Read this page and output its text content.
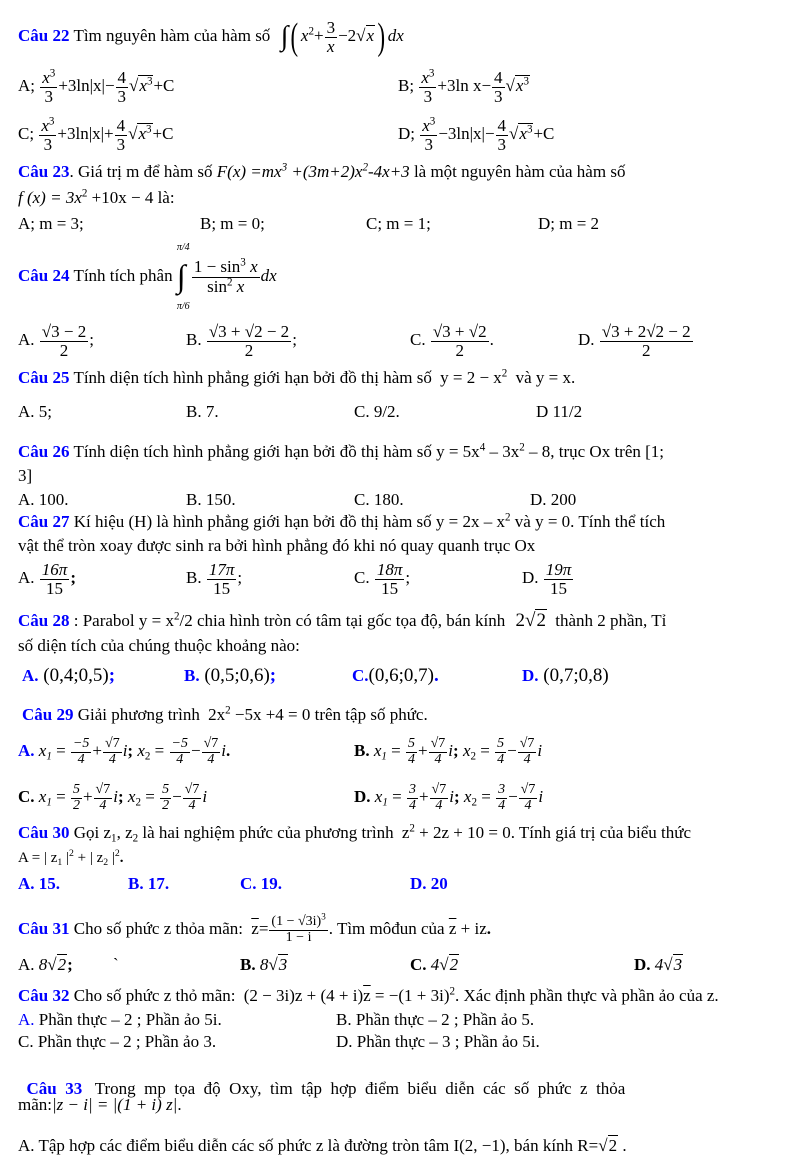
Câu 22 Tìm nguyên hàm của hàm số ∫( $x^2+ \frac{3}{x} -2√x$) dx
A; $\frac{x^3}{3} +3\ln|x|- \frac{4}{3} √x^3+C$	B; $\frac{x^3}{3} +3\ln$ $x- \frac{4}{3} √x^3$
C; $\frac{x^3}{3} +3\ln|x|+ \frac{4}{3} √x^3+C$	D; $\frac{x^3}{3} -3\ln|x|- \frac{4}{3} √x^3+C$
Câu 23. Giá trị m để hàm số $F(x) =mx^3 +(3m+2)x^2-4x+3$ là một nguyên hàm của hàm số
f $(x) = 3x^2 +10x - 4$ là:
A; m = 3;	B; m = 0;	C; m = 1;	D; m = 2
Câu 24 Tính tích phân
π/4
∫
π/6
$\frac{1 - \sin^3 x}{\sin^2 x}$ dx
A. $\frac{√3 - 2}{2}$ ;	B. $\frac{√3 + √2 - 2}{2}$ ;	C. $\frac{√3 + √2}{2}$ .	D. $\frac{√3 + 2√2 - 2}{2}$
Câu 25 Tính diện tích hình phẳng giới hạn bởi đồ thị hàm số $y = 2 - x^2$ và y = x.
A. 5;	B. 7.	C. 9/2.	D 11/2
Câu 26 Tính diện tích hình phẳng giới hạn bởi đồ thị hàm số $y = 5x^4 - 3x^2 - 8$, trục Ox trên [1;
3]
A. 100.	B. 150.	C. 180.	D. 200
Câu 27 Kí hiệu (H) là hình phẳng giới hạn bởi đồ thị hàm số $y = 2x - x^2$ và y = 0. Tính thể tích
vật thể tròn xoay được sinh ra bởi hình phẳng đó khi nó quay quanh trục Ox
A. $\frac{16\pi}{15}$ ;	B. $\frac{17\pi}{15}$ ;	C. $\frac{18\pi}{15}$ ;	D. $\frac{19\pi}{15}$
Câu 28 : Parabol $y = x^2/2$ chia hình tròn có tâm tại gốc tọa độ, bán kính 2√2 thành 2 phần, Tỉ
số diện tích của chúng thuộc khoảng nào:
A. (0,4;0,5);	B. (0,5;0,6);	C.(0,6;0,7).	D. (0,7;0,8)
Câu 29 Giải phương trình $2x^2 -5x +4 = 0$ trên tập số phức.
A. $x_1 = \frac{-5}{4} + \frac{√7}{4} i$; $x_2 = \frac{-5}{4} - \frac{√7}{4} i$.	B. $x_1 = \frac{5}{4} + \frac{√7}{4} i$; $x_2 = \frac{5}{4} - \frac{√7}{4}$ i
C. $x_1 = \frac{5}{2} + \frac{√7}{4} i$; $x_2 = \frac{5}{2} - \frac{√7}{4}$ i	D. $x_1 = \frac{3}{4} + \frac{√7}{4} i$; $x_2 = \frac{3}{4} - \frac{√7}{4}$ i
Câu 30 Gọi $z_1$, $z_2$ là hai nghiệm phức của phương trình $z^2 + 2z + 10 = 0$. Tính giá trị của biểu thức
A = | $z_1$ $|^2$ + | $z_2$ $|^2$.
A. 15.	B. 17.	C. 19.	D. 20
Câu 31 Cho số phức z thỏa mãn: $\overline{z}= \frac{(1 - √3i)^3}{1 - i}$ . Tìm môđun của $\overline{z}$ + iz.
A. 8√2; `	B. 8√3	C. 4√2	D. 4√3
Câu 32 Cho số phức z thỏ mãn: $(2 - 3i)z + (4 + i)\overline{z} = -(1 + 3i)^2$. Xác định phần thực và phần ảo của z.
A. Phần thực – 2 ; Phần ảo 5i.	B. Phần thực – 2 ; Phần ảo 5.
C. Phần thực – 2 ; Phần ảo 3.	D. Phần thực – 3 ; Phần ảo 5i.

Câu  33 Trong  mp  tọa  độ  Oxy,  tìm  tập  hợp  điểm  biểu  diễn  các  số  phức  z  thỏa

mãn:|z − i| = |(1 + i) z|.
A. Tập hợp các điểm biểu diễn các số phức z là đường tròn tâm I(2, −1), bán kính R=√2 .
